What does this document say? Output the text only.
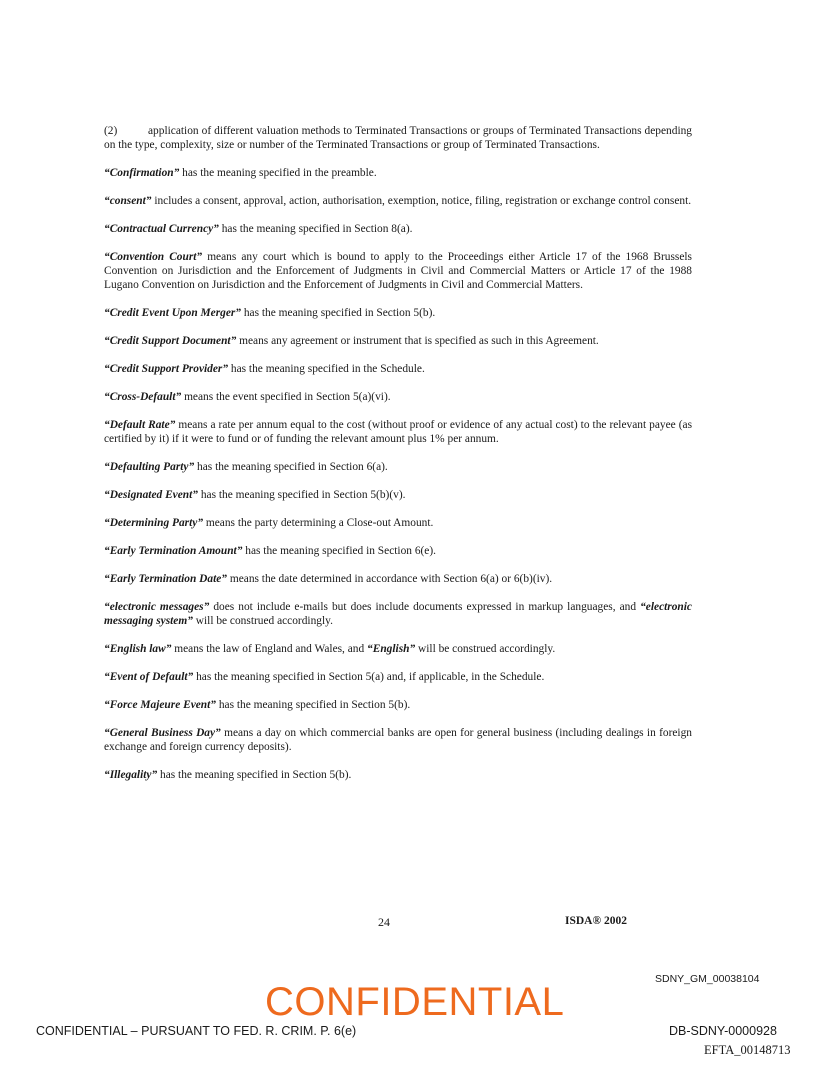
(2)	application of different valuation methods to Terminated Transactions or groups of Terminated Transactions depending on the type, complexity, size or number of the Terminated Transactions or group of Terminated Transactions.

“Confirmation” has the meaning specified in the preamble.

“consent” includes a consent, approval, action, authorisation, exemption, notice, filing, registration or exchange control consent.

“Contractual Currency” has the meaning specified in Section 8(a).

“Convention Court” means any court which is bound to apply to the Proceedings either Article 17 of the 1968 Brussels Convention on Jurisdiction and the Enforcement of Judgments in Civil and Commercial Matters or Article 17 of the 1988 Lugano Convention on Jurisdiction and the Enforcement of Judgments in Civil and Commercial Matters.

“Credit Event Upon Merger” has the meaning specified in Section 5(b).

“Credit Support Document” means any agreement or instrument that is specified as such in this Agreement.

“Credit Support Provider” has the meaning specified in the Schedule.

“Cross-Default” means the event specified in Section 5(a)(vi).

“Default Rate” means a rate per annum equal to the cost (without proof or evidence of any actual cost) to the relevant payee (as certified by it) if it were to fund or of funding the relevant amount plus 1% per annum.

“Defaulting Party” has the meaning specified in Section 6(a).

“Designated Event” has the meaning specified in Section 5(b)(v).

“Determining Party” means the party determining a Close-out Amount.

“Early Termination Amount” has the meaning specified in Section 6(e).

“Early Termination Date” means the date determined in accordance with Section 6(a) or 6(b)(iv).

“electronic messages” does not include e-mails but does include documents expressed in markup languages, and “electronic messaging system” will be construed accordingly.

“English law” means the law of England and Wales, and “English” will be construed accordingly.

“Event of Default” has the meaning specified in Section 5(a) and, if applicable, in the Schedule.

“Force Majeure Event” has the meaning specified in Section 5(b).

“General Business Day” means a day on which commercial banks are open for general business (including dealings in foreign exchange and foreign currency deposits).

“Illegality” has the meaning specified in Section 5(b).

24	ISDA® 2002
SDNY_GM_00038104
CONFIDENTIAL
CONFIDENTIAL – PURSUANT TO FED. R. CRIM. P. 6(e)	DB-SDNY-0000928
EFTA_00148713
